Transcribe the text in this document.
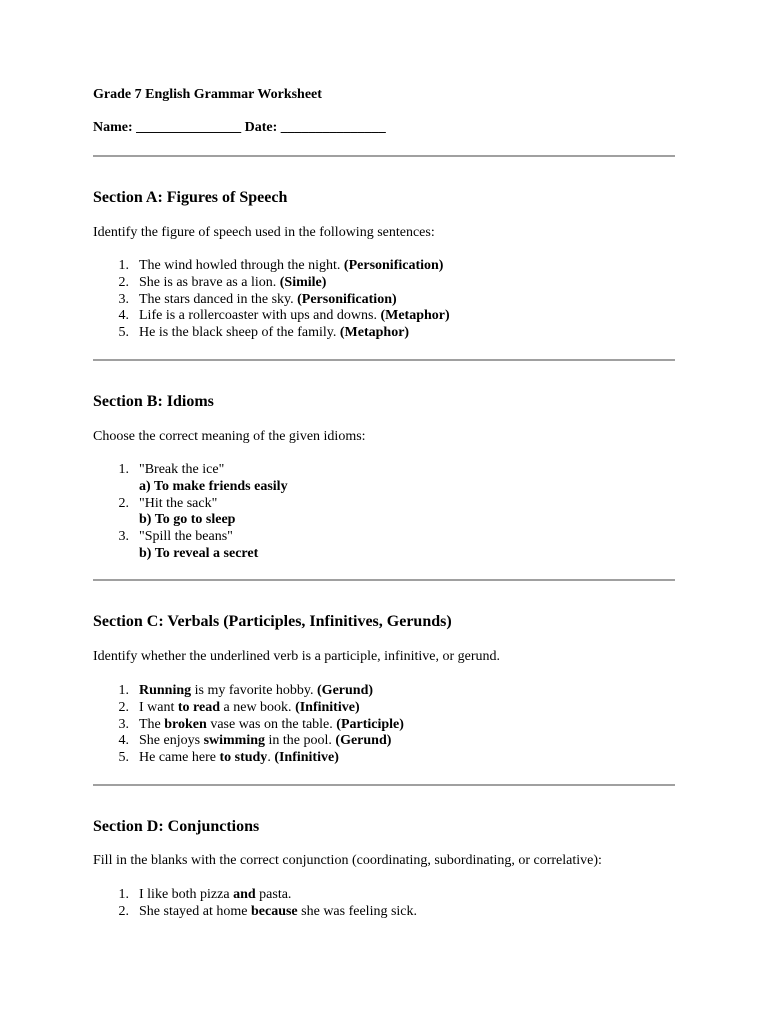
Grade 7 English Grammar Worksheet
Name: _______________ Date: _______________
Section A: Figures of Speech
Identify the figure of speech used in the following sentences:
1. The wind howled through the night. (Personification)
2. She is as brave as a lion. (Simile)
3. The stars danced in the sky. (Personification)
4. Life is a rollercoaster with ups and downs. (Metaphor)
5. He is the black sheep of the family. (Metaphor)
Section B: Idioms
Choose the correct meaning of the given idioms:
1. "Break the ice"
a) To make friends easily
2. "Hit the sack"
b) To go to sleep
3. "Spill the beans"
b) To reveal a secret
Section C: Verbals (Participles, Infinitives, Gerunds)
Identify whether the underlined verb is a participle, infinitive, or gerund.
1. Running is my favorite hobby. (Gerund)
2. I want to read a new book. (Infinitive)
3. The broken vase was on the table. (Participle)
4. She enjoys swimming in the pool. (Gerund)
5. He came here to study. (Infinitive)
Section D: Conjunctions
Fill in the blanks with the correct conjunction (coordinating, subordinating, or correlative):
1. I like both pizza and pasta.
2. She stayed at home because she was feeling sick.
